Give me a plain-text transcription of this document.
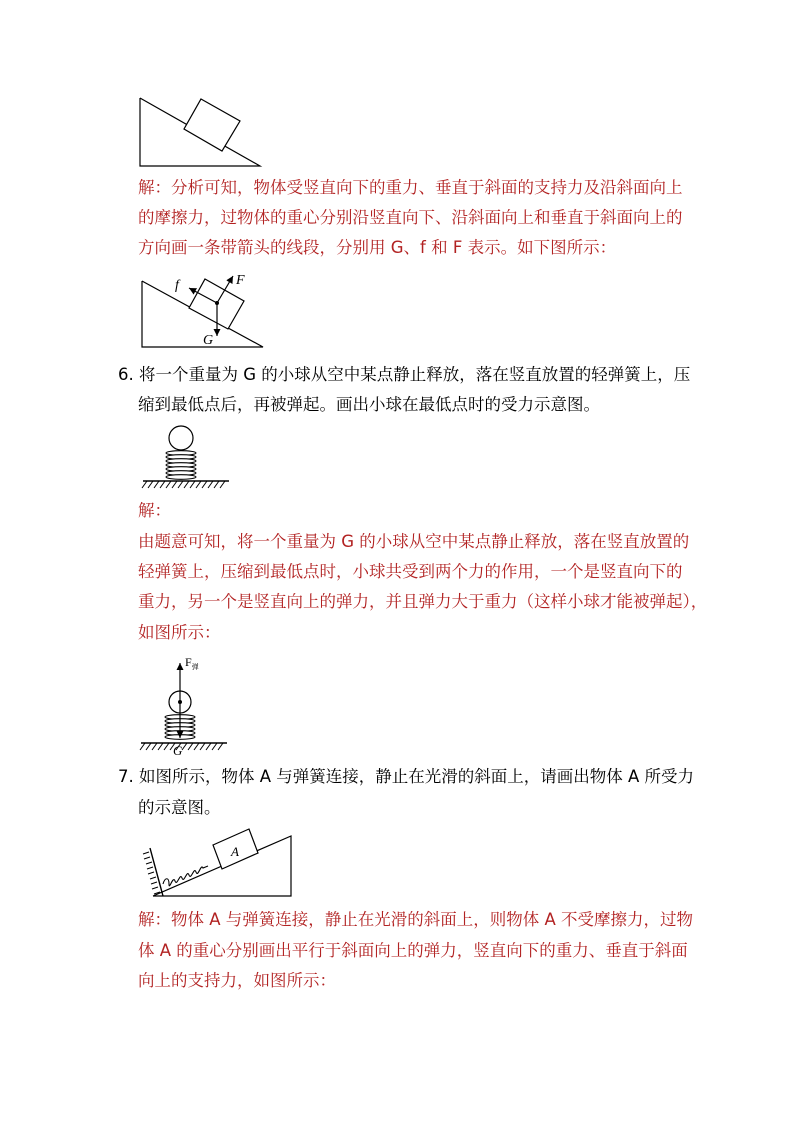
解：分析可知，物体受竖直向下的重力、垂直于斜面的支持力及沿斜面向上
的摩擦力，过物体的重心分别沿竖直向下、沿斜面向上和垂直于斜面向上的
方向画一条带箭头的线段，分别用 G、f 和 F 表示。如下图所示：
f	F
G
6. 将一个重量为 G 的小球从空中某点静止释放，落在竖直放置的轻弹簧上，压
缩到最低点后，再被弹起。画出小球在最低点时的受力示意图。
解：
由题意可知，将一个重量为 G 的小球从空中某点静止释放，落在竖直放置的
轻弹簧上，压缩到最低点时，小球共受到两个力的作用，一个是竖直向下的
重力，另一个是竖直向上的弹力，并且弹力大于重力（这样小球才能被弹起），
如图所示：
$F_弹$
G
7. 如图所示，物体 A 与弹簧连接，静止在光滑的斜面上，请画出物体 A 所受力
的示意图。
A
解：物体 A 与弹簧连接，静止在光滑的斜面上，则物体 A 不受摩擦力，过物
体 A 的重心分别画出平行于斜面向上的弹力，竖直向下的重力、垂直于斜面
向上的支持力，如图所示：
